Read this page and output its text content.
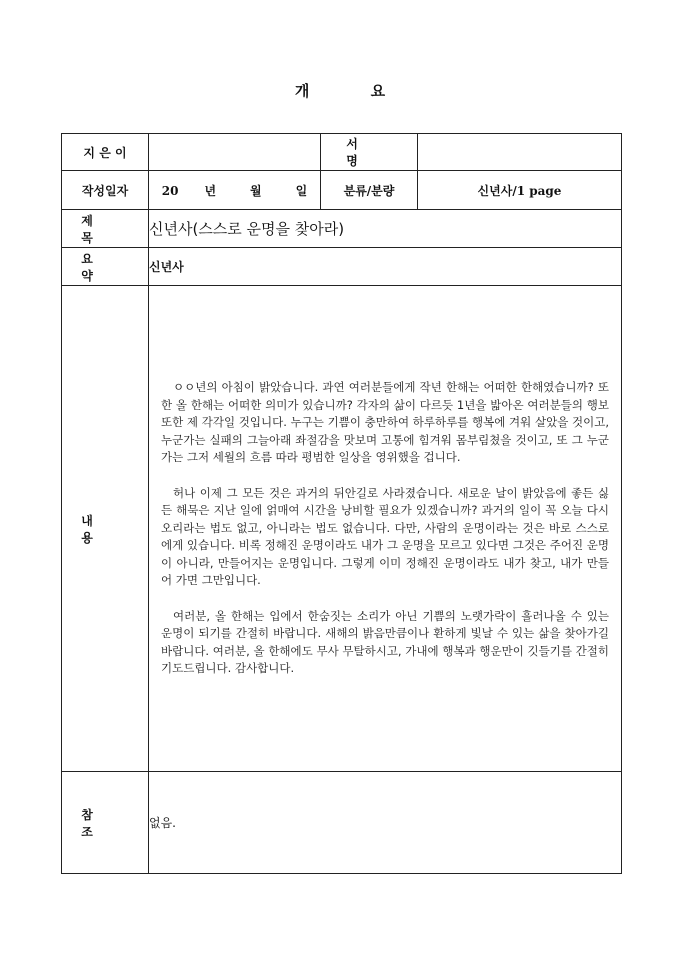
개 요
지 은 이		서 명	
작성일자	20 년 월 일	분류/분량	신년사/1 page
제 목	신년사(스스로 운명을 찾아라)		
요 약	신년사		
내 용	ㅇㅇ년의 아침이 밝았습니다. 과연 여러분들에게 작년 한해는 어떠한 한해였습니까? 또한 올 한해는 어떠한 의미가 있습니까? 각자의 삶이 다르듯 1년을 밟아온 여러분들의 행보 또한 제 각각일 것입니다. 누구는 기쁨이 충만하여 하루하루를 행복에 겨워 살았을 것이고, 누군가는 실패의 그늘아래 좌절감을 맛보며 고통에 힘겨워 몸부림쳤을 것이고, 또 그 누군가는 그저 세월의 흐름 따라 평범한 일상을 영위했을 겁니다.

허나 이제 그 모든 것은 과거의 뒤안길로 사라졌습니다. 새로운 날이 밝았음에 좋든 싫든 해묵은 지난 일에 얽매여 시간을 낭비할 필요가 있겠습니까? 과거의 일이 꼭 오늘 다시 오리라는 법도 없고, 아니라는 법도 없습니다. 다만, 사람의 운명이라는 것은 바로 스스로에게 있습니다. 비록 정해진 운명이라도 내가 그 운명을 모르고 있다면 그것은 주어진 운명이 아니라, 만들어지는 운명입니다. 그렇게 이미 정해진 운명이라도 내가 찾고, 내가 만들어 가면 그만입니다.

여러분, 올 한해는 입에서 한숨짓는 소리가 아닌 기쁨의 노랫가락이 흘러나올 수 있는 운명이 되기를 간절히 바랍니다. 새해의 밝음만큼이나 환하게 빛날 수 있는 삶을 찾아가길 바랍니다. 여러분, 올 한해에도 무사 무탈하시고, 가내에 행복과 행운만이 깃들기를 간절히 기도드립니다. 감사합니다.		

참 조	없음.		
